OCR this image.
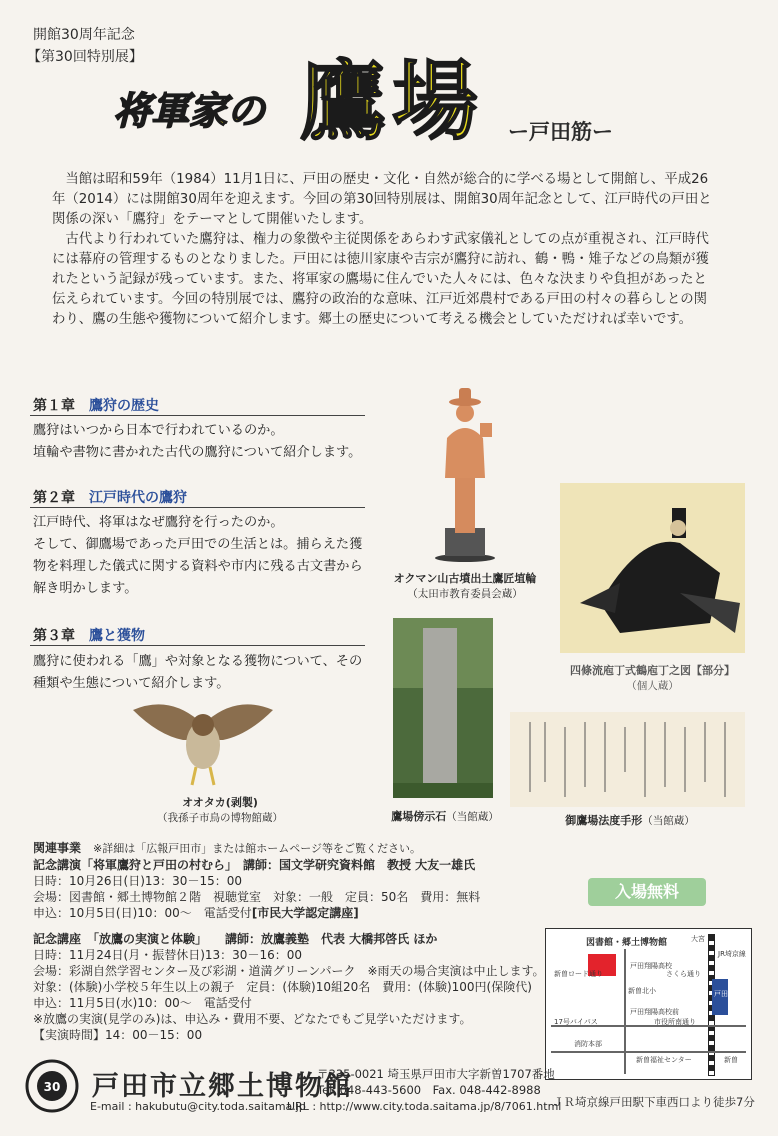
開館30周年記念
【第30回特別展】
将軍家の 鷹場 ー戸田筋ー

当館は昭和59年（1984）11月1日に、戸田の歴史・文化・自然が総合的に学べる場として開館し、平成26年（2014）には開館30周年を迎えます。今回の第30回特別展は、開館30周年記念として、江戸時代の戸田と関係の深い「鷹狩」をテーマとして開催いたします。

古代より行われていた鷹狩は、権力の象徴や主従関係をあらわす武家儀礼としての点が重視され、江戸時代には幕府の管理するものとなりました。戸田には徳川家康や吉宗が鷹狩に訪れ、鶴・鴨・雉子などの鳥類が獲れたという記録が残っています。また、将軍家の鷹場に住んでいた人々には、色々な決まりや負担があったと伝えられています。今回の特別展では、鷹狩の政治的な意味、江戸近郊農村である戸田の村々の暮らしとの関わり、鷹の生態や獲物について紹介します。郷土の歴史について考える機会としていただければ幸いです。

第１章 鷹狩の歴史
鷹狩はいつから日本で行われているのか。
埴輪や書物に書かれた古代の鷹狩について紹介します。
第２章 江戸時代の鷹狩
江戸時代、将軍はなぜ鷹狩を行ったのか。
そして、御鷹場であった戸田での生活とは。捕らえた獲
物を料理した儀式に関する資料や市内に残る古文書から
解き明かします。
第３章 鷹と獲物
鷹狩に使われる「鷹」や対象となる獲物について、その
種類や生態について紹介します。
オクマン山古墳出土鷹匠埴輪
（太田市教育委員会蔵）
四條流庖丁式鶴庖丁之図【部分】
（個人蔵）
鷹場傍示石（当館蔵）	御鷹場法度手形（当館蔵）
オオタカ(剥製)
（我孫子市鳥の博物館蔵）
関連事業　 ※詳細は「広報戸田市」または館ホームページ等をご覧ください。
記念講演「将軍鷹狩と戸田の村むら」　講師：国文学研究資料館　教授 大友一雄氏
日時：10月26日(日)13：30－15：00
会場：図書館・郷土博物館２階　視聴覚室　対象：一般　定員：50名　費用：無料
申込：10月5日(日)10：00～　電話受付[市民大学認定講座]
記念講座　「放鷹の実演と体験」　　講師：放鷹義塾　代表 大橋邦啓氏 ほか
日時：11月24日(月・振替休日)13：30－16：00
会場：彩湖自然学習センター及び彩湖・道満グリーンパーク　※雨天の場合実演は中止します。
対象：(体験)小学校５年生以上の親子　定員：(体験)10組20名　費用：(体験)100円(保険代)
申込：11月5日(水)10：00～　電話受付
※放鷹の実演(見学のみ)は、申込み・費用不要、どなたでもご見学いただけます。
【実演時間】14：00－15：00
入場無料
図書館・郷土博物館	大宮
JR埼京線
戸田駅
戸田翔陽高校
新曽北小
戸田翔陽高校前
市役所南通り
17号バイパス
消防本部
新曽福祉センター	新曽
新曽ロード通り	さくら通り
ＪＲ埼京線戸田駅下車西口より徒歩7分
30 戸田市立郷土博物館
〒335-0021 埼玉県戸田市大字新曽1707番地
Tel. 048-443-5600　Fax. 048-442-8988
E-mail : hakubutu@city.toda.saitama.jp
URL : http://www.city.toda.saitama.jp/8/7061.html
